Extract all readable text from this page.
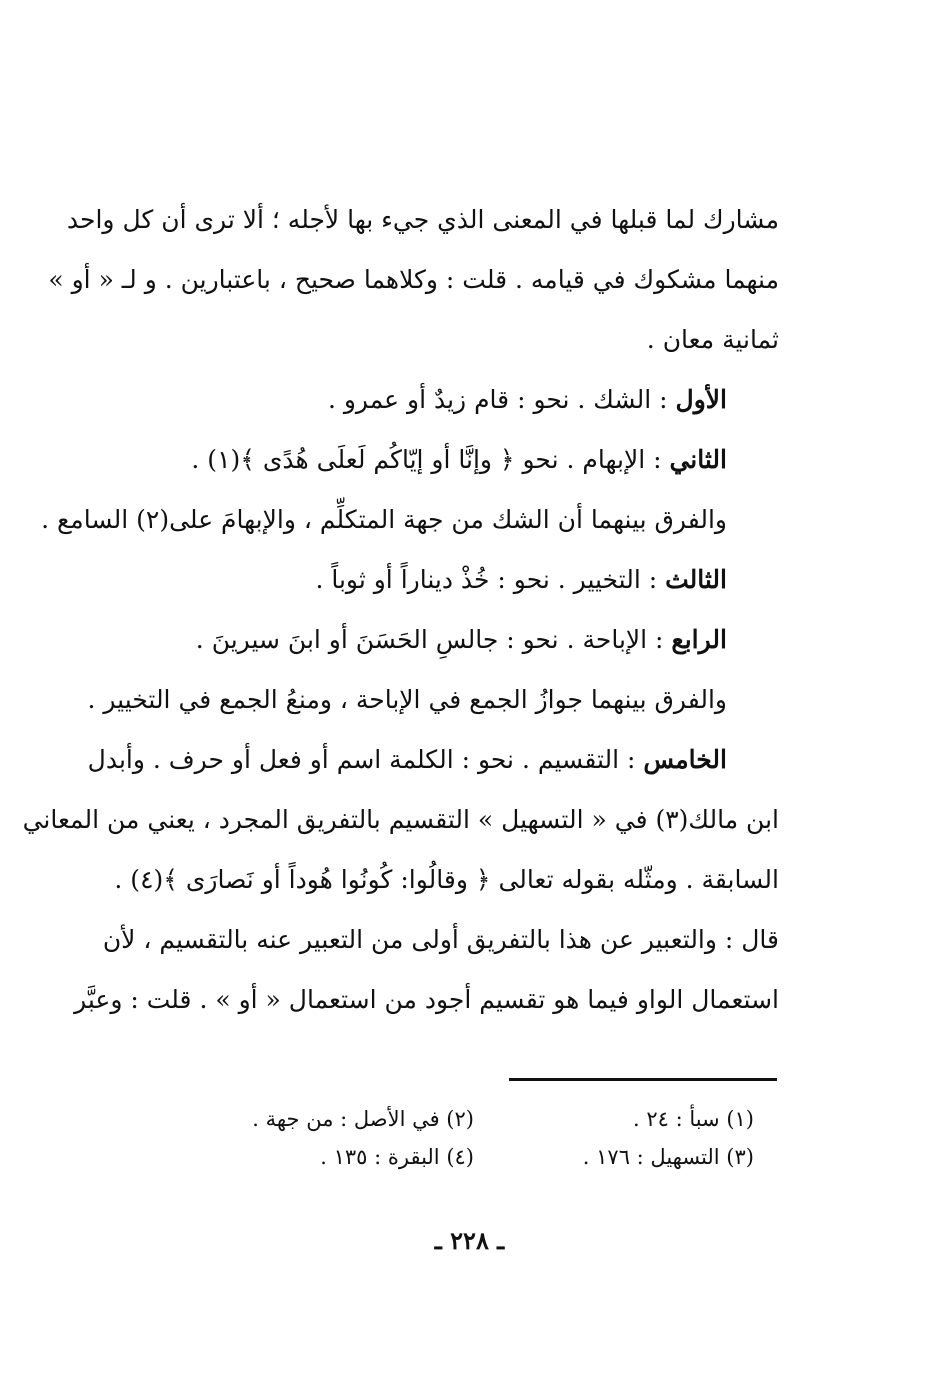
مشارك لما قبلها في المعنى الذي جيء بها لأجله ؛ ألا ترى أن كل واحد
منهما مشكوك في قيامه . قلت : وكلاهما صحيح ، باعتبارين . و لـ « أو »
ثمانية معان .
الأول : الشك . نحو : قام زيدٌ أو عمرو .
الثاني : الإبهام . نحو ﴿ وإنَّا أو إيّاكُم لَعلَى هُدًى ﴾(١) .
والفرق بينهما أن الشك من جهة المتكلِّم ، والإبهامَ على(٢) السامع .
الثالث : التخيير . نحو : خُذْ ديناراً أو ثوباً .
الرابع : الإباحة . نحو : جالسِ الحَسَنَ أو ابنَ سيرينَ .
والفرق بينهما جوازُ الجمع في الإباحة ، ومنعُ الجمع في التخيير .
الخامس : التقسيم . نحو : الكلمة اسم أو فعل أو حرف . وأبدل
ابن مالك(٣) في « التسهيل » التقسيم بالتفريق المجرد ، يعني من المعاني
السابقة . ومثّله بقوله تعالى ﴿ وقالُوا: كُونُوا هُوداً أو نَصارَى ﴾(٤) .
قال : والتعبير عن هذا بالتفريق أولى من التعبير عنه بالتقسيم ، لأن
استعمال الواو فيما هو تقسيم أجود من استعمال « أو » . قلت : وعبَّر
(١) سبأ : ٢٤ .
(٢) في الأصل : من جهة .
(٣) التسهيل : ١٧٦ .
(٤) البقرة : ١٣٥ .
ـ ٢٢٨ ـ
